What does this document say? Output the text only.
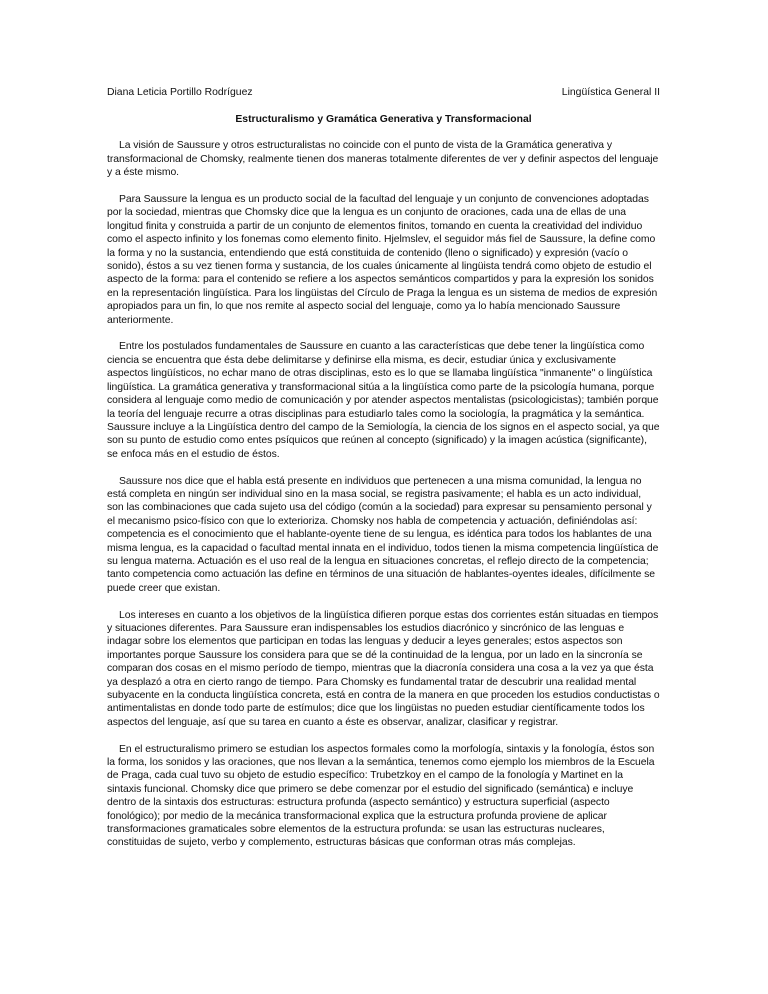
Diana Leticia Portillo Rodríguez	Lingüística General II
Estructuralismo y Gramática Generativa y Transformacional

La visión de Saussure y otros estructuralistas no coincide con el punto de vista de la Gramática generativa y transformacional de Chomsky, realmente tienen dos maneras totalmente diferentes de ver y definir aspectos del lenguaje y a éste mismo.

Para Saussure la lengua es un producto social de la facultad del lenguaje y un conjunto de convenciones adoptadas por la sociedad, mientras que Chomsky dice que la lengua es un conjunto de oraciones, cada una de ellas de una longitud finita y construida a partir de un conjunto de elementos finitos, tomando en cuenta la creatividad del individuo como el aspecto infinito y los fonemas como elemento finito. Hjelmslev, el seguidor más fiel de Saussure, la define como la forma y no la sustancia, entendiendo que está constituida de contenido (lleno o significado) y expresión (vacío o sonido), éstos a su vez tienen forma y sustancia, de los cuales únicamente al lingüista tendrá como objeto de estudio el aspecto de la forma: para el contenido se refiere a los aspectos semánticos compartidos y para la expresión los sonidos en la representación lingüística. Para los lingüistas del Círculo de Praga la lengua es un sistema de medios de expresión apropiados para un fin, lo que nos remite al aspecto social del lenguaje, como ya lo había mencionado Saussure anteriormente.

Entre los postulados fundamentales de Saussure en cuanto a las características que debe tener la lingüística como ciencia se encuentra que ésta debe delimitarse y definirse ella misma, es decir, estudiar única y exclusivamente aspectos lingüísticos, no echar mano de otras disciplinas, esto es lo que se llamaba lingüística "inmanente" o lingüística lingüística. La gramática generativa y transformacional sitúa a la lingüística como parte de la psicología humana, porque considera al lenguaje como medio de comunicación y por atender aspectos mentalistas (psicologicistas); también porque la teoría del lenguaje recurre a otras disciplinas para estudiarlo tales como la sociología, la pragmática y la semántica. Saussure incluye a la Lingüística dentro del campo de la Semiología, la ciencia de los signos en el aspecto social, ya que son su punto de estudio como entes psíquicos que reúnen al concepto (significado) y la imagen acústica (significante), se enfoca más en el estudio de éstos.

Saussure nos dice que el habla está presente en individuos que pertenecen a una misma comunidad, la lengua no está completa en ningún ser individual sino en la masa social, se registra pasivamente; el habla es un acto individual, son las combinaciones que cada sujeto usa del código (común a la sociedad) para expresar su pensamiento personal y el mecanismo psico-físico con que lo exterioriza. Chomsky nos habla de competencia y actuación, definiéndolas así: competencia es el conocimiento que el hablante-oyente tiene de su lengua, es idéntica para todos los hablantes de una misma lengua, es la capacidad o facultad mental innata en el individuo, todos tienen la misma competencia lingüística de su lengua materna. Actuación es el uso real de la lengua en situaciones concretas, el reflejo directo de la competencia; tanto competencia como actuación las define en términos de una situación de hablantes-oyentes ideales, difícilmente se puede creer que existan.

Los intereses en cuanto a los objetivos de la lingüística difieren porque estas dos corrientes están situadas en tiempos y situaciones diferentes. Para Saussure eran indispensables los estudios diacrónico y sincrónico de las lenguas e indagar sobre los elementos que participan en todas las lenguas y deducir a leyes generales; estos aspectos son importantes porque Saussure los considera para que se dé la continuidad de la lengua, por un lado en la sincronía se comparan dos cosas en el mismo período de tiempo, mientras que la diacronía considera una cosa a la vez ya que ésta ya desplazó a otra en cierto rango de tiempo. Para Chomsky es fundamental tratar de descubrir una realidad mental subyacente en la conducta lingüística concreta, está en contra de la manera en que proceden los estudios conductistas o antimentalistas en donde todo parte de estímulos; dice que los lingüistas no pueden estudiar científicamente todos los aspectos del lenguaje, así que su tarea en cuanto a éste es observar, analizar, clasificar y registrar.

En el estructuralismo primero se estudian los aspectos formales como la morfología, sintaxis y la fonología, éstos son la forma, los sonidos y las oraciones, que nos llevan a la semántica, tenemos como ejemplo los miembros de la Escuela de Praga, cada cual tuvo su objeto de estudio específico: Trubetzkoy en el campo de la fonología y Martinet en la sintaxis funcional. Chomsky dice que primero se debe comenzar por el estudio del significado (semántica) e incluye dentro de la sintaxis dos estructuras: estructura profunda (aspecto semántico) y estructura superficial (aspecto fonológico); por medio de la mecánica transformacional explica que la estructura profunda proviene de aplicar transformaciones gramaticales sobre elementos de la estructura profunda: se usan las estructuras nucleares, constituidas de sujeto, verbo y complemento, estructuras básicas que conforman otras más complejas.
